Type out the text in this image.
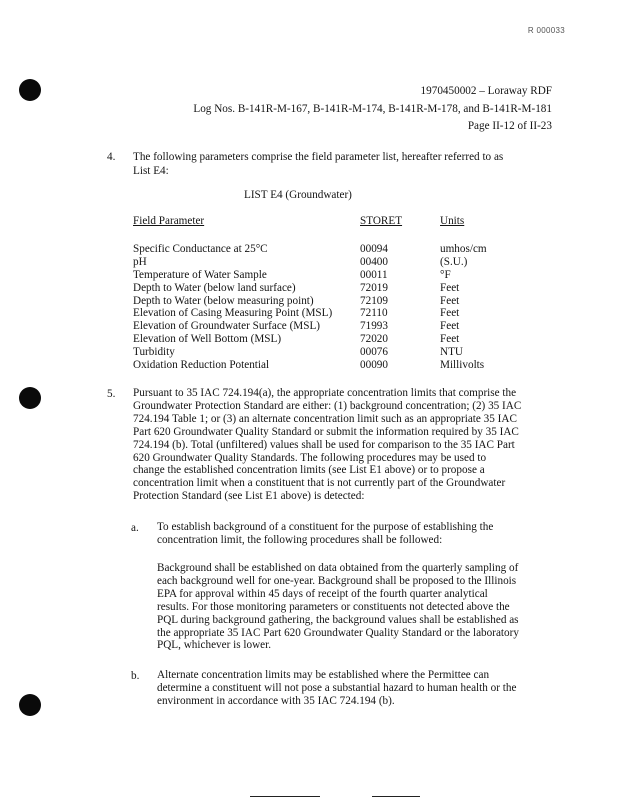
R 000033
1970450002 – Loraway RDF
Log Nos. B-141R-M-167, B-141R-M-174, B-141R-M-178, and B-141R-M-181
Page II-12 of II-23
4.	The following parameters comprise the field parameter list, hereafter referred to as
List E4:
LIST E4 (Groundwater)
Field Parameter	STORET	Units
Specific Conductance at 25°C	00094	umhos/cm
pH	00400	(S.U.)
Temperature of Water Sample	00011	°F
Depth to Water (below land surface)	72019	Feet
Depth to Water (below measuring point)	72109	Feet
Elevation of Casing Measuring Point (MSL) 72110	Feet
Elevation of Groundwater Surface (MSL)	71993	Feet
Elevation of Well Bottom (MSL)	72020	Feet
Turbidity	00076	NTU
Oxidation Reduction Potential	00090	Millivolts
5.	Pursuant to 35 IAC 724.194(a), the appropriate concentration limits that comprise the
Groundwater Protection Standard are either: (1) background concentration; (2) 35 IAC
724.194 Table 1; or (3) an alternate concentration limit such as an appropriate 35 IAC
Part 620 Groundwater Quality Standard or submit the information required by 35 IAC
724.194 (b). Total (unfiltered) values shall be used for comparison to the 35 IAC Part
620 Groundwater Quality Standards. The following procedures may be used to
change the established concentration limits (see List E1 above) or to propose a
concentration limit when a constituent that is not currently part of the Groundwater
Protection Standard (see List E1 above) is detected:
a.	To establish background of a constituent for the purpose of establishing the
concentration limit, the following procedures shall be followed:
Background shall be established on data obtained from the quarterly sampling of
each background well for one-year. Background shall be proposed to the Illinois
EPA for approval within 45 days of receipt of the fourth quarter analytical
results. For those monitoring parameters or constituents not detected above the
PQL during background gathering, the background values shall be established as
the appropriate 35 IAC Part 620 Groundwater Quality Standard or the laboratory
PQL, whichever is lower.
b.	Alternate concentration limits may be established where the Permittee can
determine a constituent will not pose a substantial hazard to human health or the
environment in accordance with 35 IAC 724.194 (b).
